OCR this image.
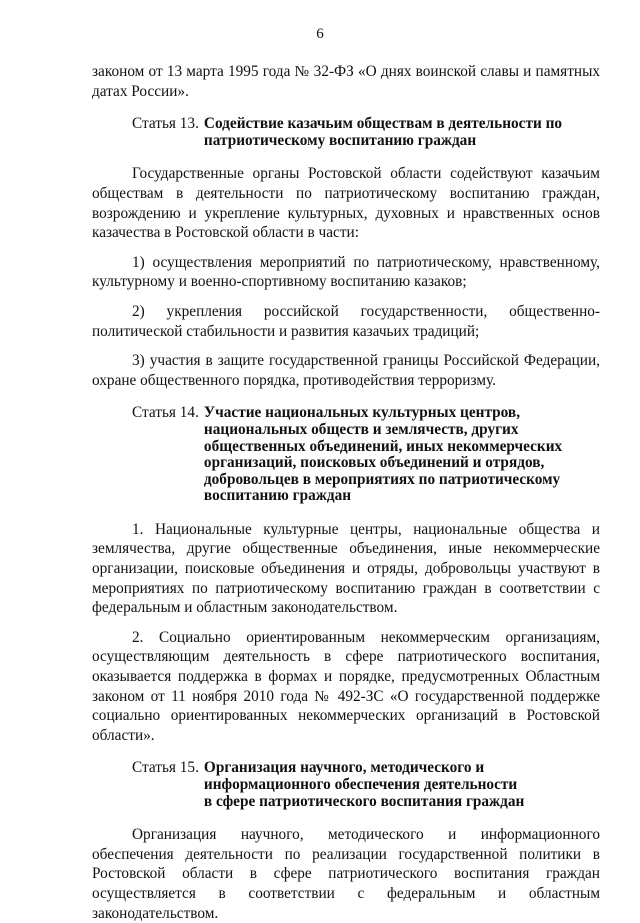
6

законом от 13 марта 1995 года № 32-ФЗ «О днях воинской славы и памятных датах России».

Статья 13. Содействие казачьим обществам в деятельности по
патриотическому воспитанию граждан

Государственные органы Ростовской области содействуют казачьим обществам в деятельности по патриотическому воспитанию граждан, возрождению и укрепление культурных, духовных и нравственных основ казачества в Ростовской области в части:

1) осуществления мероприятий по патриотическому, нравственному, культурному и военно-спортивному воспитанию казаков;

2) укрепления российской государственности, общественно-политической стабильности и развития казачьих традиций;

3) участия в защите государственной границы Российской Федерации, охране общественного порядка, противодействия терроризму.

Статья 14. Участие национальных культурных центров,
национальных обществ и землячеств, других
общественных объединений, иных некоммерческих
организаций, поисковых объединений и отрядов,
добровольцев в мероприятиях по патриотическому
воспитанию граждан

1. Национальные культурные центры, национальные общества и землячества, другие общественные объединения, иные некоммерческие организации, поисковые объединения и отряды, добровольцы участвуют в мероприятиях по патриотическому воспитанию граждан в соответствии с федеральным и областным законодательством.

2. Социально ориентированным некоммерческим организациям, осуществляющим деятельность в сфере патриотического воспитания, оказывается поддержка в формах и порядке, предусмотренных Областным законом от 11 ноября 2010 года № 492-ЗС «О государственной поддержке социально ориентированных некоммерческих организаций в Ростовской области».

Статья 15. Организация научного, методического и
информационного обеспечения деятельности
в сфере патриотического воспитания граждан

Организация научного, методического и информационного обеспечения деятельности по реализации государственной политики в Ростовской области в сфере патриотического воспитания граждан осуществляется в соответствии с федеральным и областным законодательством.
